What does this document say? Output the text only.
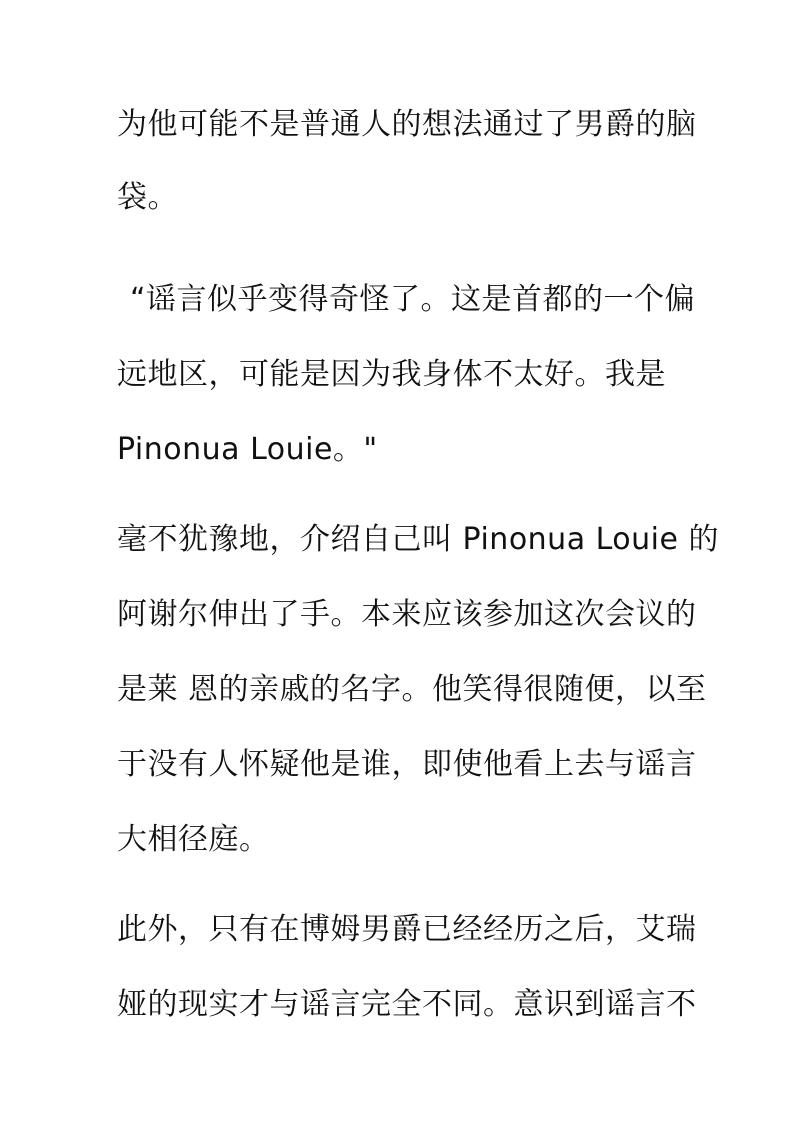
为他可能不是普通人的想法通过了男爵的脑
袋。
“谣言似乎变得奇怪了。这是首都的一个偏
远地区，可能是因为我身体不太好。我是
Pinonua Louie。"
毫不犹豫地，介绍自己叫 Pinonua Louie 的
阿谢尔伸出了手。本来应该参加这次会议的
是莱 恩的亲戚的名字。他笑得很随便，以至
于没有人怀疑他是谁，即使他看上去与谣言
大相径庭。
此外，只有在博姆男爵已经经历之后，艾瑞
娅的现实才与谣言完全不同。意识到谣言不
